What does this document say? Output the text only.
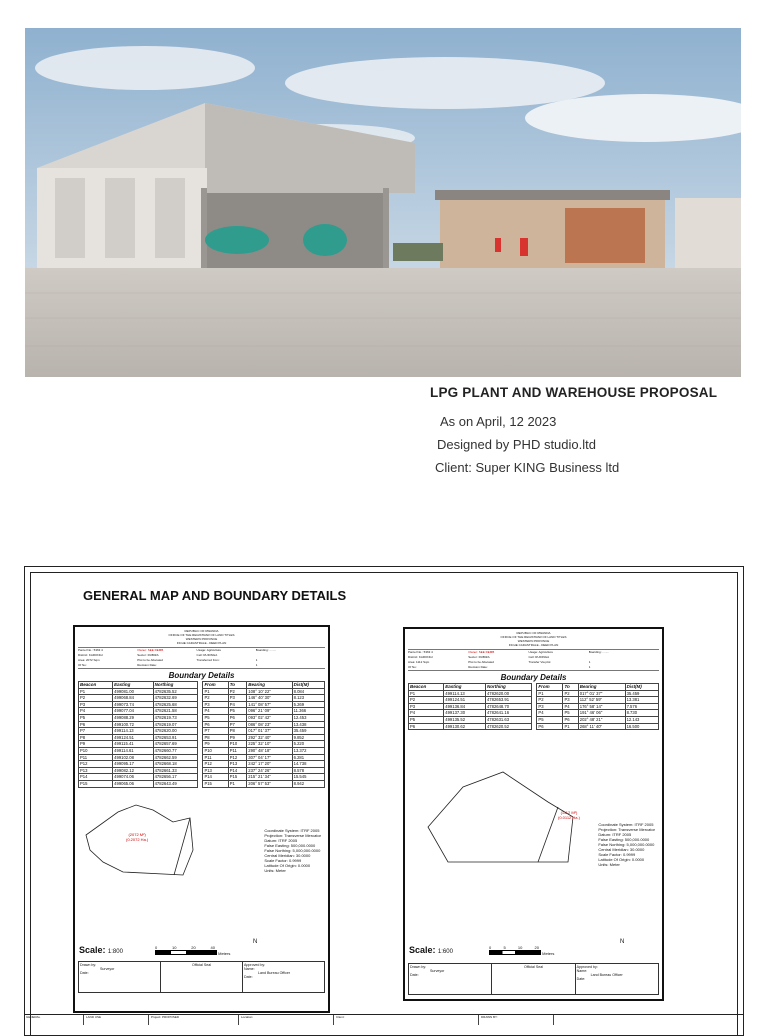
LPG PLANT AND WAREHOUSE PROPOSAL
As on April, 12 2023
Designed by PHD studio.ltd
Client: Super KING Business ltd
GENERAL MAP AND BOUNDARY DETAILS
REPUBLIC OF RWANDA
OFFICE OF THE REGISTRAR OF LAND TITLES
WESTERN PROVINCE
FICHE CADASTRALE - DEED PLAN
Parcel No.: 5363 4	Owner: SEE DEMB	Usage: Agriculture	Boarding: ........
District: KARONGI	Sector: RUBIZA	Cell: RUDINGA
Area: 2072 Sqm	Plot to be Allocated	Transferred from:	1
Of No:	Revision Date:	1
Boundary Details
Beacon	Easting	Northing		From	To	Bearing	Dist(M)
P1	499081.00	4782635.52		P1	P2	108° 10' 22"	8.084
P2	499068.84	4782632.69		P2	P3	146° 40' 30"	8.123
P3	499073.74	4782625.68		P3	P4	141° 08' 57"	5.269
P4	499077.04	4782621.58		P4	P5	096° 21' 09"	11.366
P5	499088.29	4782619.73		P5	P6	093° 02' 42"	12.453
P6	499100.72	4782619.07		P6	P7	086° 08' 23"	13.438
P7	499114.13	4782620.00		P7	P8	017° 01' 37"	35.459
P8	499124.51	4782653.91		P8	P9	292° 32' 40"	9.852
P9	499115.41	4782657.69		P9	P10	225° 32' 10"	5.220
P10	499114.61	4782660.77		P10	P11	290° 48' 18"	13.372
P11	499102.08	4782662.59		P11	P12	307° 04' 17"	6.281
P12	499095.17	4782668.18		P12	P13	242° 17' 20"	14.738
P13	499082.12	4782661.33		P13	P14	237° 24' 26"	8.578
P14	499074.06	4782656.17		P14	P15	215° 21' 34"	15.545
P15	499065.06	4782643.49		P15	P1	206° 57' 53"	8.942
(2072 M²)
(0.2072 Ha.)
Coordinate System: ITRF 2005
Projection: Transverse Mercator
Datum: ITRF 2005
False Easting: 500,000.0000
False Northing: 5,000,000.0000
Central Meridian: 30.0000
Scale Factor: 0.9999
Latitude Of Origin: 0.0000
Units: Meter
Scale: 1:800
0	10	20	40
Meters
N
Drawn by:
Surveyor
Date:
Official Seal	Approved by:
Name:
Land Bureau Officer
Date:
REPUBLIC OF RWANDA
OFFICE OF THE REGISTRAR OF LAND TITLES
WESTERN PROVINCE
FICHE CADASTRALE - DEED PLAN
Parcel No.: 5363 4	Owner: SEE DEMB	Usage: Agriculture	Boarding: ........
District: KARONGI	Sector: RUBIZA	Cell: RUDINGA
Area: 1112 Sqm	Plot to be Allocated	Transfer Via plot:	1
Of No:	Revision Date:	1
Boundary Details
Beacon	Easting	Northing		From	To	Bearing	Dist(M)
P1	499114.13	4782620.00		P1	P2	017° 01' 37"	35.459
P2	499124.51	4782653.91		P2	P3	112° 52' 59"	13.381
P3	499136.84	4782648.70		P3	P4	176° 58' 14"	7.576
P4	499137.30	4782641.16		P4	P5	191° 46' 06"	8.730
P5	499135.52	4782631.63		P5	P6	202° 48' 21"	12.143
P6	499130.62	4782620.52		P6	P1	268° 11' 40"	16.500
(1112 M²)
(0.0112 Ha.)
Coordinate System: ITRF 2005
Projection: Transverse Mercator
Datum: ITRF 2005
False Easting: 500,000.0000
False Northing: 5,000,000.0000
Central Meridian: 30.0000
Scale Factor: 0.9999
Latitude Of Origin: 0.0000
Units: Meter
Scale: 1:600
0	5	10	20
Meters
N
Drawn by:
Surveyor
Date:
Official Seal	Approved by:
Name:
Land Bureau Officer
Date:
GENERAL	LAND USE	Project: PROPOSED	Location:	Client:	DRAWN BY:
